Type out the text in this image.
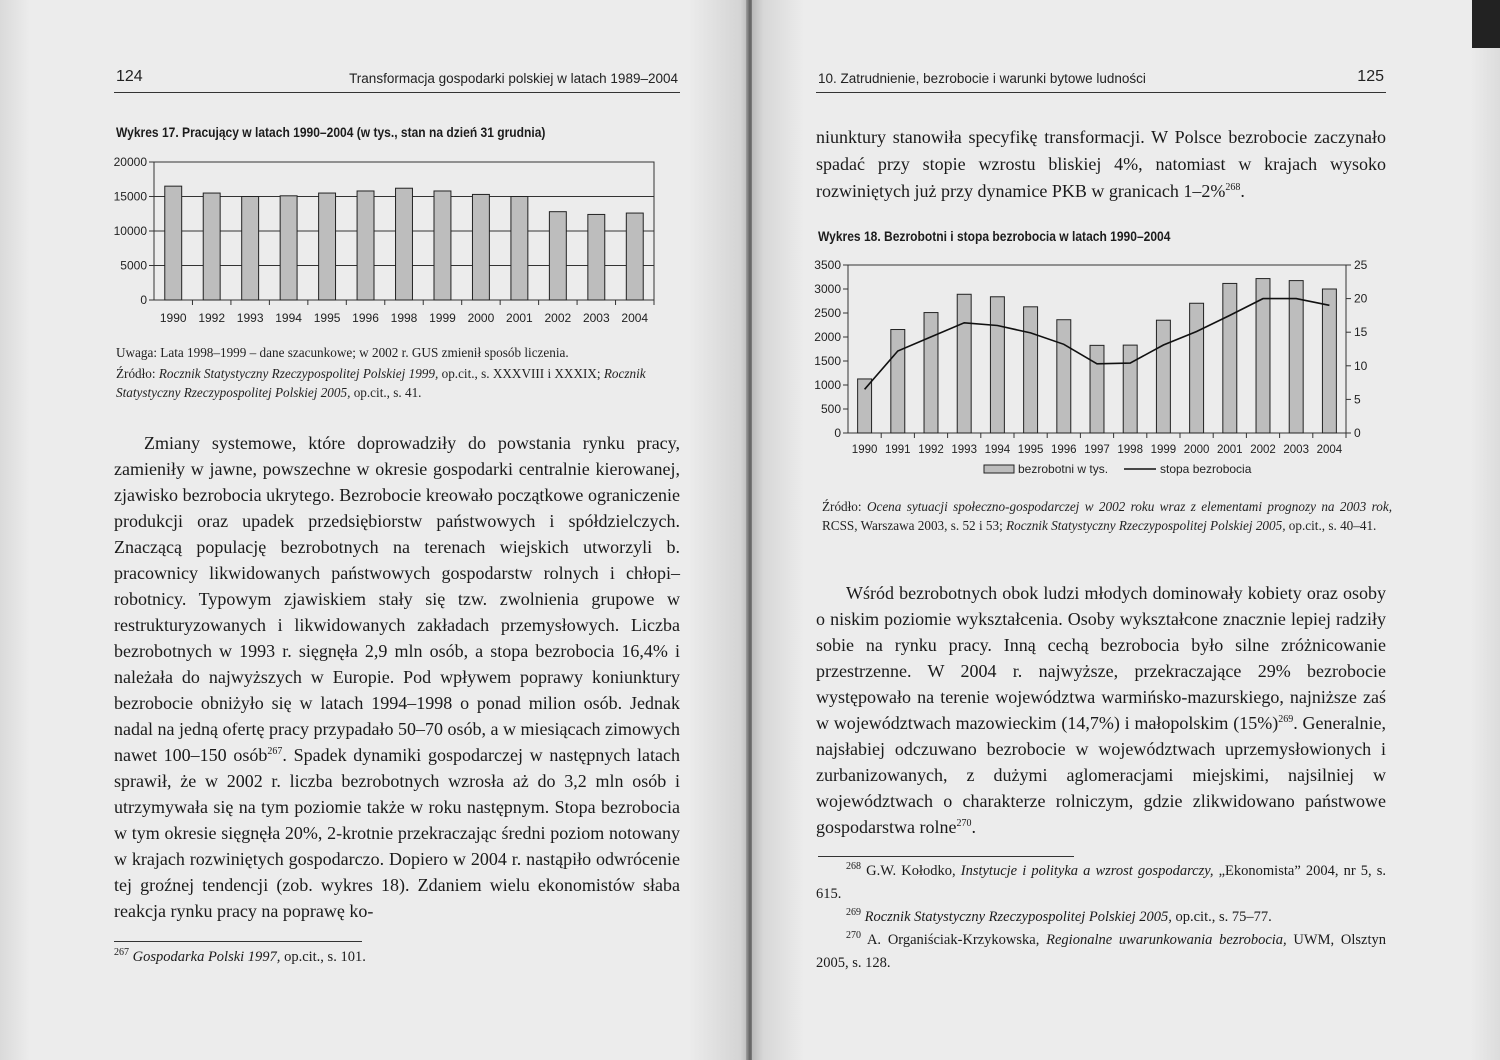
124	Transformacja gospodarki polskiej w latach 1989–2004
Wykres 17. Pracujący w latach 1990–2004 (w tys., stan na dzień 31 grudnia)
0
5000
10000
15000
20000
1990 1992 1993 1994 1995 1996 1998 1999 2000 2001 2002 2003 2004

Uwaga: Lata 1998–1999 – dane szacunkowe; w 2002 r. GUS zmienił sposób liczenia.

Źródło: Rocznik Statystyczny Rzeczypospolitej Polskiej 1999, op.cit., s. XXXVIII i XXXIX; Rocznik Statystyczny Rzeczypospolitej Polskiej 2005, op.cit., s. 41.

Zmiany systemowe, które doprowadziły do powstania rynku pracy, zamieniły w jawne, powszechne w okresie gospodarki centralnie kierowanej, zjawisko bezrobocia ukrytego. Bezrobocie kreowało początkowe ograniczenie produkcji oraz upadek przedsiębiorstw państwowych i spółdzielczych. Znaczącą populację bezrobotnych na terenach wiejskich utworzyli b. pracownicy likwidowanych państwowych gospodarstw rolnych i chłopi–robotnicy. Typowym zjawiskiem stały się tzw. zwolnienia grupowe w restrukturyzowanych i likwidowanych zakładach przemysłowych. Liczba bezrobotnych w 1993 r. sięgnęła 2,9 mln osób, a stopa bezrobocia 16,4% i należała do najwyższych w Europie. Pod wpływem poprawy koniunktury bezrobocie obniżyło się w latach 1994–1998 o ponad milion osób. Jednak nadal na jedną ofertę pracy przypadało 50–70 osób, a w miesiącach zimowych nawet 100–150 osób$^{267}$. Spadek dynamiki gospodarczej w następnych latach sprawił, że w 2002 r. liczba bezrobotnych wzrosła aż do 3,2 mln osób i utrzymywała się na tym poziomie także w roku następnym. Stopa bezrobocia w tym okresie sięgnęła 20%, 2-krotnie przekraczając średni poziom notowany w krajach rozwiniętych gospodarczo. Dopiero w 2004 r. nastąpiło odwrócenie tej groźnej tendencji (zob. wykres 18). Zdaniem wielu ekonomistów słaba reakcja rynku pracy na poprawę ko-

$^{267}$ Gospodarka Polski 1997, op.cit., s. 101.

10. Zatrudnienie, bezrobocie i warunki bytowe ludności	125

niunktury stanowiła specyfikę transformacji. W Polsce bezrobocie zaczynało spadać przy stopie wzrostu bliskiej 4%, natomiast w krajach wysoko rozwiniętych już przy dynamice PKB w granicach 1–2%$^{268}$.

Wykres 18. Bezrobotni i stopa bezrobocia w latach 1990–2004
0
500
1000
1500
2000
2500
3000
3500
0
5
10
15
20
25
1990 1991 1992 1993 1994 1995 1996 1997 1998 1999 2000 2001 2002 2003 2004
bezrobotni w tys.	stopa bezrobocia

Źródło: Ocena sytuacji społeczno-gospodarczej w 2002 roku wraz z elementami prognozy na 2003 rok, RCSS, Warszawa 2003, s. 52 i 53; Rocznik Statystyczny Rzeczypospolitej Polskiej 2005, op.cit., s. 40–41.

Wśród bezrobotnych obok ludzi młodych dominowały kobiety oraz osoby o niskim poziomie wykształcenia. Osoby wykształcone znacznie lepiej radziły sobie na rynku pracy. Inną cechą bezrobocia było silne zróżnicowanie przestrzenne. W 2004 r. najwyższe, przekraczające 29% bezrobocie występowało na terenie województwa warmińsko-mazurskiego, najniższe zaś w województwach mazowieckim (14,7%) i małopolskim $(15\%)^{269}$. Generalnie, najsłabiej odczuwano bezrobocie w województwach uprzemysłowionych i zurbanizowanych, z dużymi aglomeracjami miejskimi, najsilniej w województwach o charakterze rolniczym, gdzie zlikwidowano państwowe gospodarstwa rolne$^{270}$.

$^{268}$ G.W. Kołodko, Instytucje i polityka a wzrost gospodarczy, „Ekonomista” 2004, nr 5, s. 615.

$^{269}$ Rocznik Statystyczny Rzeczypospolitej Polskiej 2005, op.cit., s. 75–77.

$^{270}$ A. Organiściak-Krzykowska, Regionalne uwarunkowania bezrobocia, UWM, Olsztyn 2005, s. 128.
